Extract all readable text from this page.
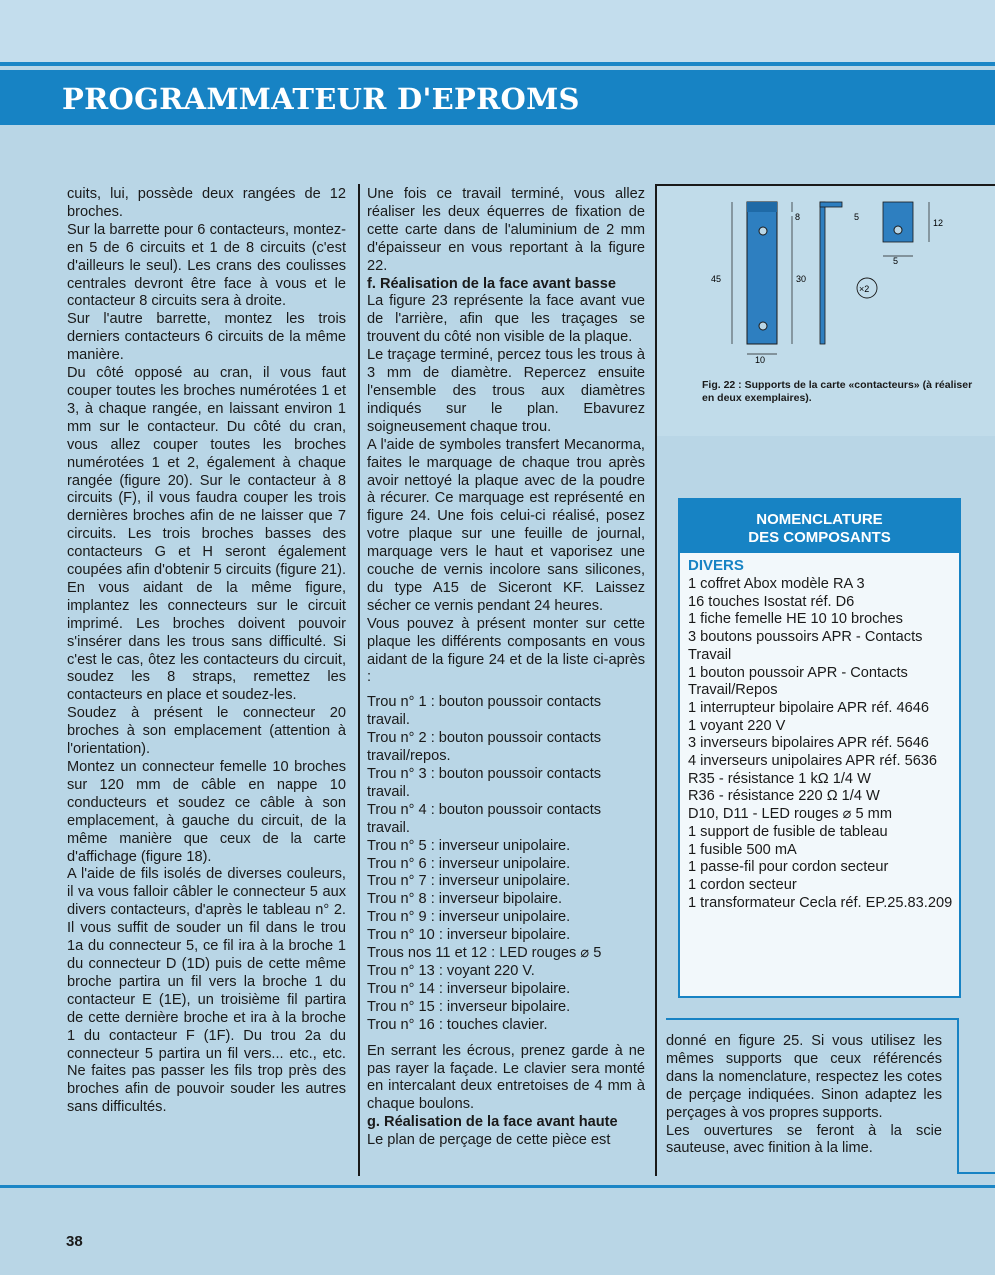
PROGRAMMATEUR D'EPROMS

cuits, lui, possède deux rangées de 12 broches.

Sur la barrette pour 6 contacteurs, montez-en 5 de 6 circuits et 1 de 8 circuits (c'est d'ailleurs le seul). Les crans des coulisses centrales devront être face à vous et le contacteur 8 circuits sera à droite.

Sur l'autre barrette, montez les trois derniers contacteurs 6 circuits de la même manière.

Du côté opposé au cran, il vous faut couper toutes les broches numérotées 1 et 3, à chaque rangée, en laissant environ 1 mm sur le contacteur. Du côté du cran, vous allez couper toutes les broches numérotées 1 et 2, également à chaque rangée (figure 20). Sur le contacteur à 8 circuits (F), il vous faudra couper les trois dernières broches afin de ne laisser que 7 circuits. Les trois broches basses des contacteurs G et H seront également coupées afin d'obtenir 5 circuits (figure 21). En vous aidant de la même figure, implantez les connecteurs sur le circuit imprimé. Les broches doivent pouvoir s'insérer dans les trous sans difficulté. Si c'est le cas, ôtez les contacteurs du circuit, soudez les 8 straps, remettez les contacteurs en place et soudez-les.

Soudez à présent le connecteur 20 broches à son emplacement (attention à l'orientation).

Montez un connecteur femelle 10 broches sur 120 mm de câble en nappe 10 conducteurs et soudez ce câble à son emplacement, à gauche du circuit, de la même manière que ceux de la carte d'affichage (figure 18).

A l'aide de fils isolés de diverses couleurs, il va vous falloir câbler le connecteur 5 aux divers contacteurs, d'après le tableau n° 2. Il vous suffit de souder un fil dans le trou 1a du connecteur 5, ce fil ira à la broche 1 du connecteur D (1D) puis de cette même broche partira un fil vers la broche 1 du contacteur E (1E), un troisième fil partira de cette dernière broche et ira à la broche 1 du contacteur F (1F). Du trou 2a du connecteur 5 partira un fil vers... etc., etc. Ne faites pas passer les fils trop près des broches afin de pouvoir souder les autres sans difficultés.

Une fois ce travail terminé, vous allez réaliser les deux équerres de fixation de cette carte dans de l'aluminium de 2 mm d'épaisseur en vous reportant à la figure 22.

f. Réalisation de la face avant basse

La figure 23 représente la face avant vue de l'arrière, afin que les traçages se trouvent du côté non visible de la plaque.

Le traçage terminé, percez tous les trous à 3 mm de diamètre. Repercez ensuite l'ensemble des trous aux diamètres indiqués sur le plan. Ebavurez soigneusement chaque trou.

A l'aide de symboles transfert Mecanorma, faites le marquage de chaque trou après avoir nettoyé la plaque avec de la poudre à récurer. Ce marquage est représenté en figure 24. Une fois celui-ci réalisé, posez votre plaque sur une feuille de journal, marquage vers le haut et vaporisez une couche de vernis incolore sans silicones, du type A15 de Siceront KF. Laissez sécher ce vernis pendant 24 heures.

Vous pouvez à présent monter sur cette plaque les différents composants en vous aidant de la figure 24 et de la liste ci-après :

Trou n° 1 : bouton poussoir contacts travail.

Trou n° 2 : bouton poussoir contacts travail/repos.

Trou n° 3 : bouton poussoir contacts travail.

Trou n° 4 : bouton poussoir contacts travail.

Trou n° 5 : inverseur unipolaire.

Trou n° 6 : inverseur unipolaire.

Trou n° 7 : inverseur unipolaire.

Trou n° 8 : inverseur bipolaire.

Trou n° 9 : inverseur unipolaire.

Trou n° 10 : inverseur bipolaire.

Trous nos 11 et 12 : LED rouges ⌀ 5

Trou n° 13 : voyant 220 V.

Trou n° 14 : inverseur bipolaire.

Trou n° 15 : inverseur bipolaire.

Trou n° 16 : touches clavier.

En serrant les écrous, prenez garde à ne pas rayer la façade. Le clavier sera monté en intercalant deux entretoises de 4 mm à chaque boulons.

g. Réalisation de la face avant haute

Le plan de perçage de cette pièce est

8
45	30
10
5
12
5
×2
Fig. 22 : Supports de la carte «contacteurs» (à réaliser en deux exemplaires).
NOMENCLATURE
DES COMPOSANTS
DIVERS
1 coffret Abox modèle RA 3
16 touches Isostat réf. D6
1 fiche femelle HE 10 10 broches
3 boutons poussoirs APR - Contacts Travail
1 bouton poussoir APR - Contacts Travail/Repos
1 interrupteur bipolaire APR réf. 4646
1 voyant 220 V
3 inverseurs bipolaires APR réf. 5646
4 inverseurs unipolaires APR réf. 5636
R35 - résistance 1 kΩ 1/4 W
R36 - résistance 220 Ω 1/4 W
D10, D11 - LED rouges ⌀ 5 mm
1 support de fusible de tableau
1 fusible 500 mA
1 passe-fil pour cordon secteur
1 cordon secteur
1 transformateur Cecla réf. EP.25.83.209

donné en figure 25. Si vous utilisez les mêmes supports que ceux référencés dans la nomenclature, respectez les cotes de perçage indiquées. Sinon adaptez les perçages à vos propres supports.

Les ouvertures se feront à la scie sauteuse, avec finition à la lime.

38
